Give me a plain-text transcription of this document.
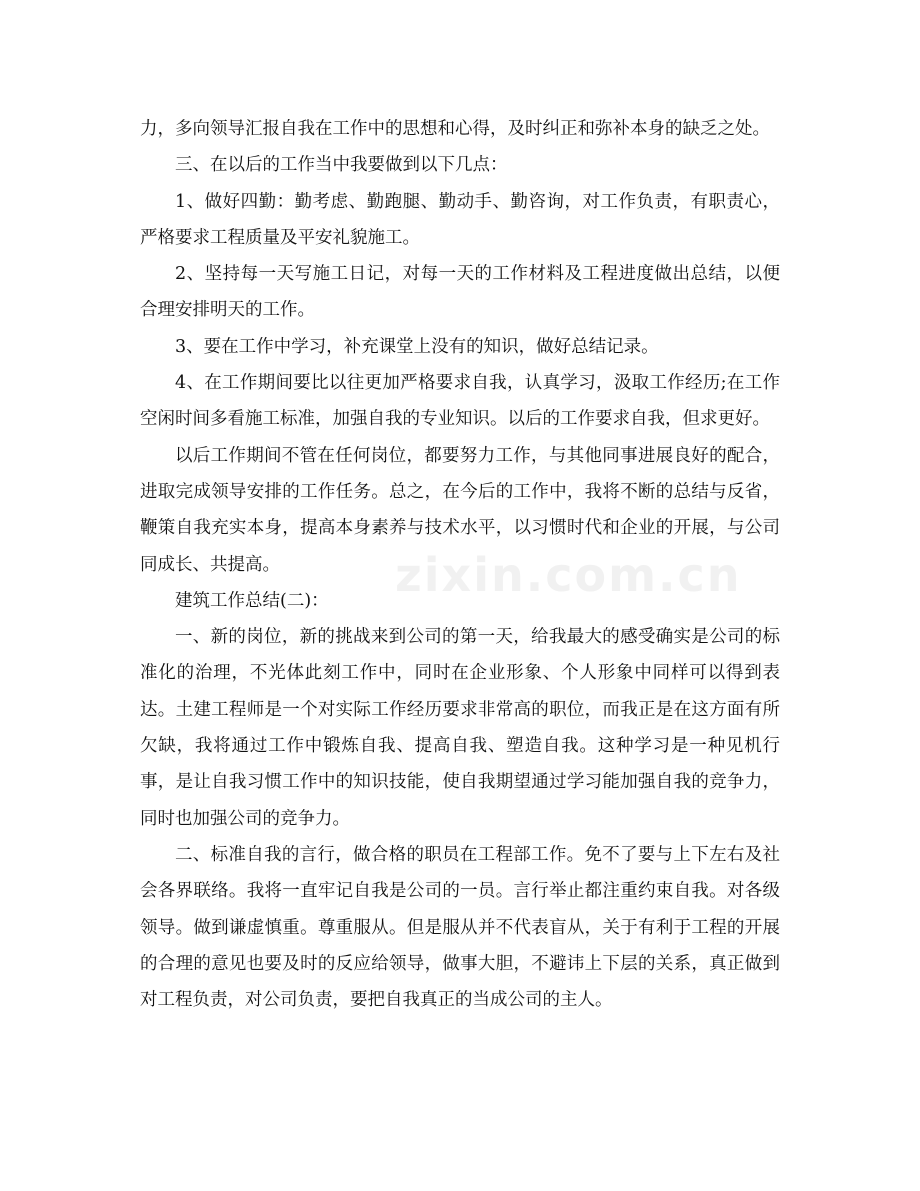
力，多向领导汇报自我在工作中的思想和心得，及时纠正和弥补本身的缺乏之处。

三、在以后的工作当中我要做到以下几点：

1、做好四勤：勤考虑、勤跑腿、勤动手、勤咨询，对工作负责，有职责心，严格要求工程质量及平安礼貌施工。

2、坚持每一天写施工日记，对每一天的工作材料及工程进度做出总结，以便合理安排明天的工作。

3、要在工作中学习，补充课堂上没有的知识，做好总结记录。

4、在工作期间要比以往更加严格要求自我，认真学习，汲取工作经历;在工作空闲时间多看施工标准，加强自我的专业知识。以后的工作要求自我，但求更好。

以后工作期间不管在任何岗位，都要努力工作，与其他同事进展良好的配合，进取完成领导安排的工作任务。总之，在今后的工作中，我将不断的总结与反省，鞭策自我充实本身，提高本身素养与技术水平，以习惯时代和企业的开展，与公司同成长、共提高。

建筑工作总结(二)：

一、新的岗位，新的挑战来到公司的第一天，给我最大的感受确实是公司的标准化的治理，不光体此刻工作中，同时在企业形象、个人形象中同样可以得到表达。土建工程师是一个对实际工作经历要求非常高的职位，而我正是在这方面有所欠缺，我将通过工作中锻炼自我、提高自我、塑造自我。这种学习是一种见机行事，是让自我习惯工作中的知识技能，使自我期望通过学习能加强自我的竞争力，同时也加强公司的竞争力。

二、标准自我的言行，做合格的职员在工程部工作。免不了要与上下左右及社会各界联络。我将一直牢记自我是公司的一员。言行举止都注重约束自我。对各级领导。做到谦虚慎重。尊重服从。但是服从并不代表盲从，关于有利于工程的开展的合理的意见也要及时的反应给领导，做事大胆，不避讳上下层的关系，真正做到对工程负责，对公司负责，要把自我真正的当成公司的主人。

zixin.com.cn
